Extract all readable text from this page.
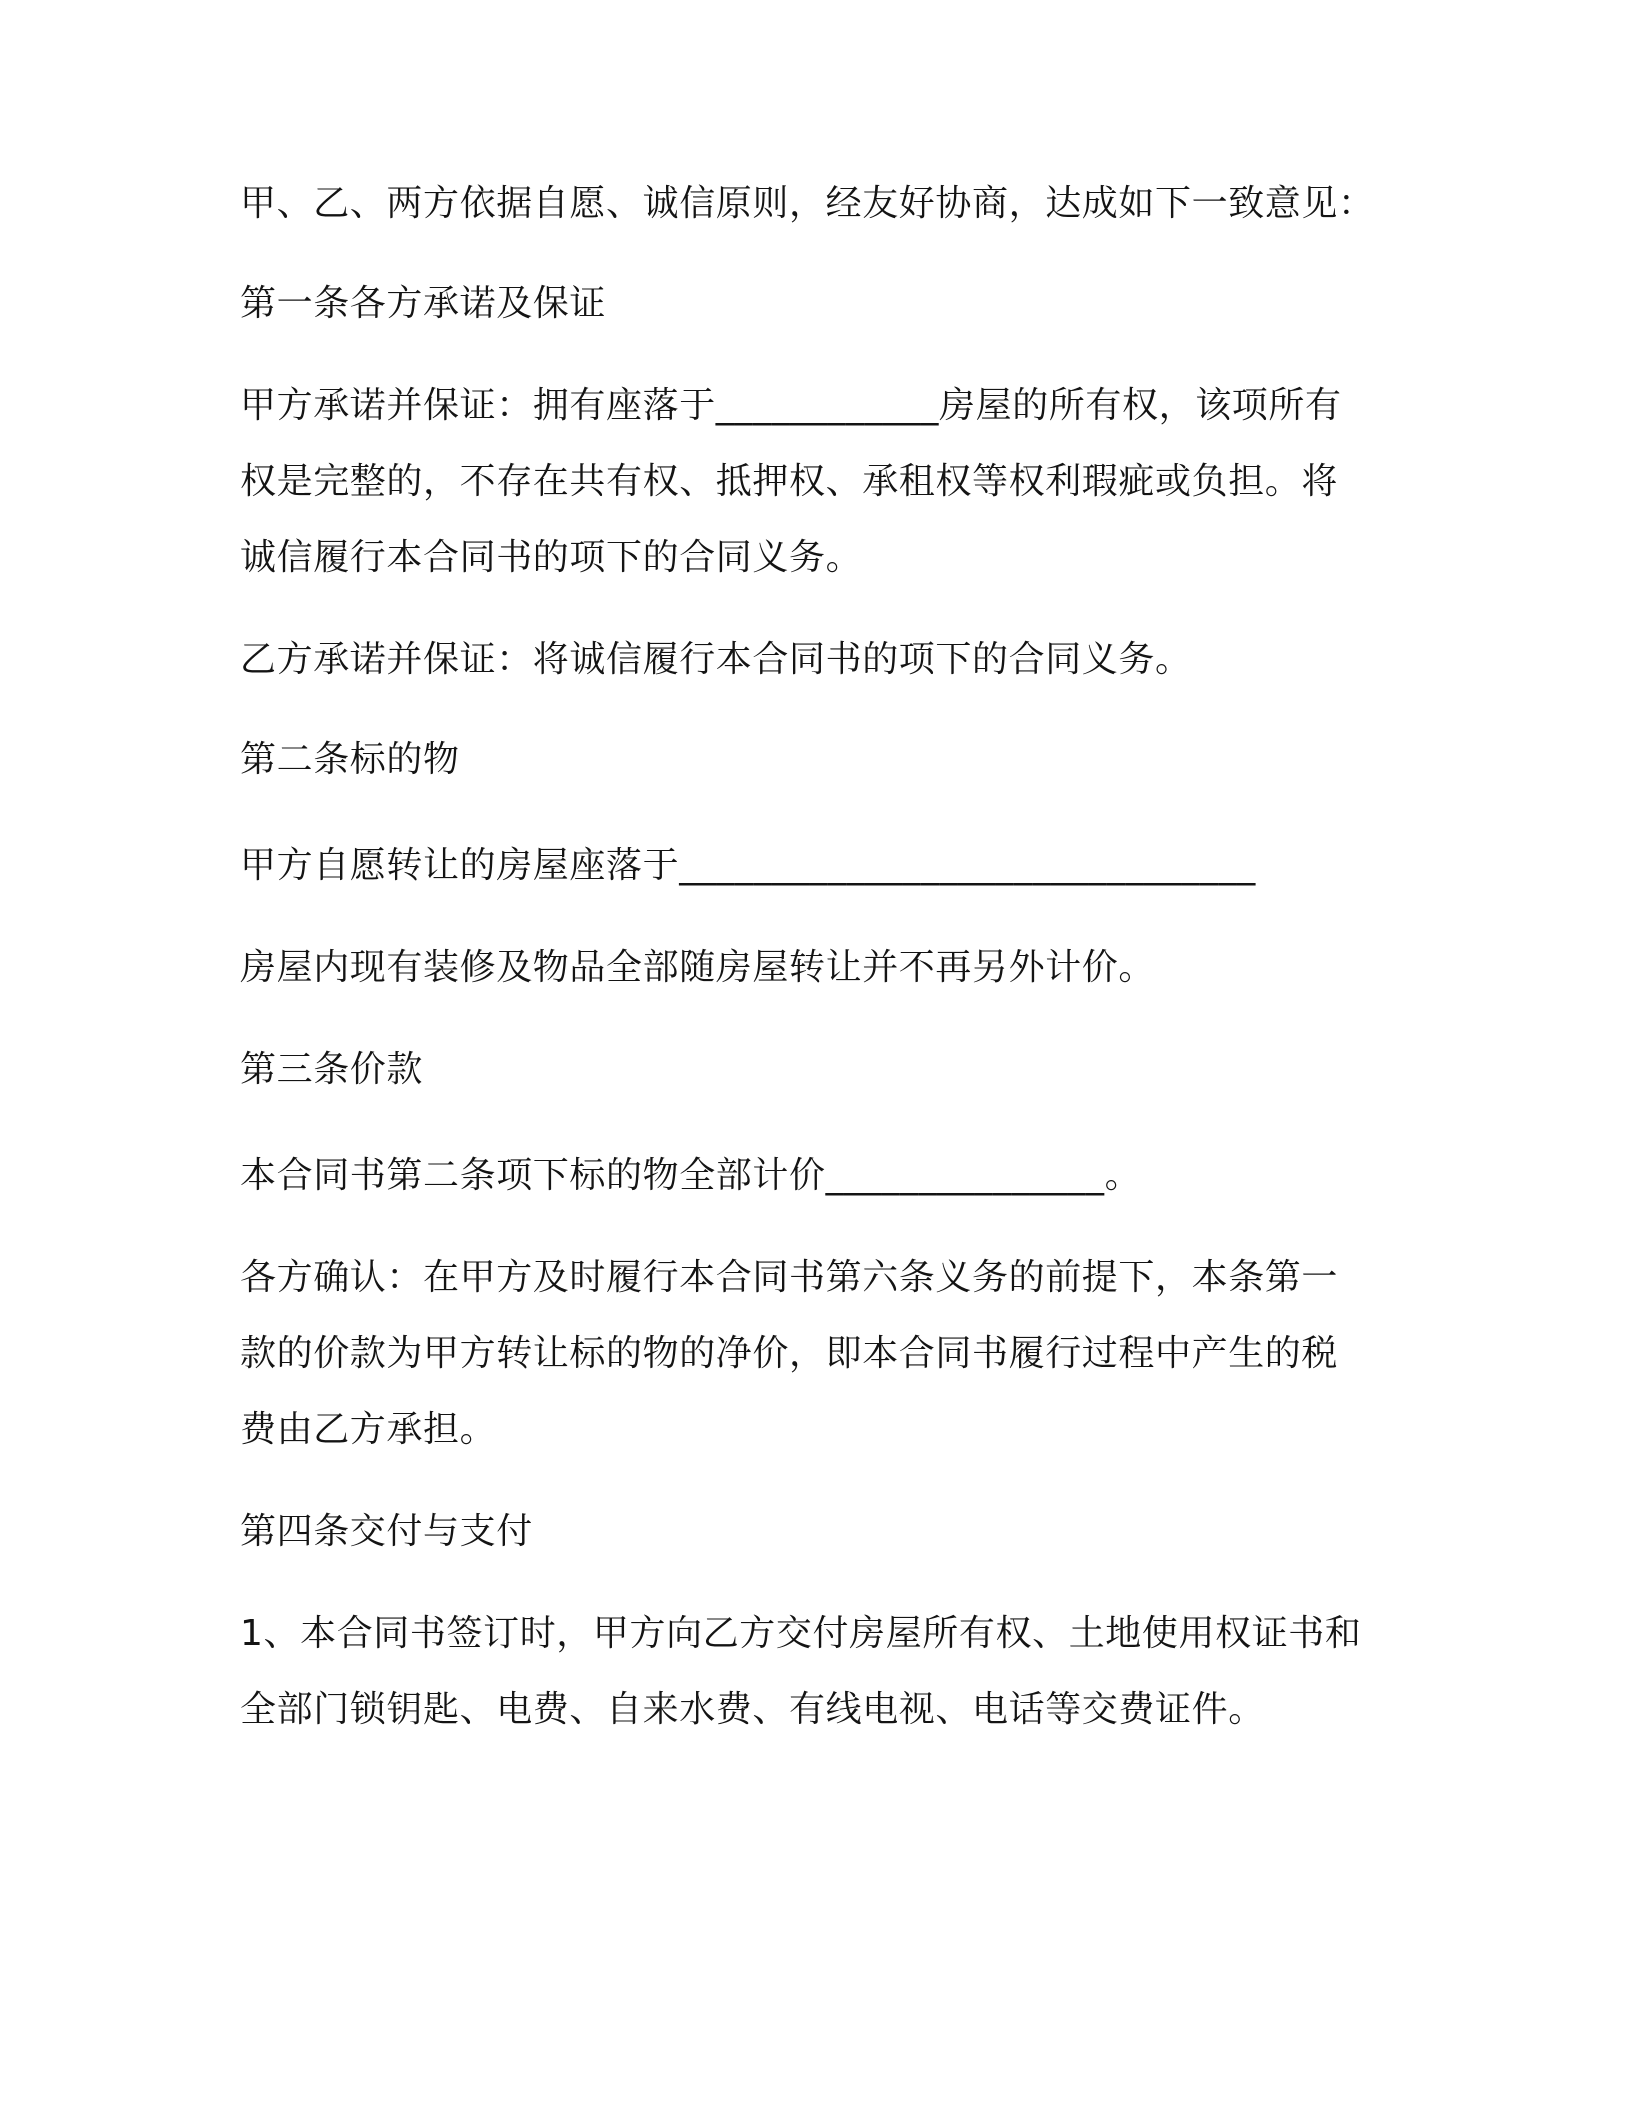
甲、乙、两方依据自愿、诚信原则，经友好协商，达成如下一致意见：
第一条各方承诺及保证
甲方承诺并保证：拥有座落于____________房屋的所有权，该项所有
权是完整的，不存在共有权、抵押权、承租权等权利瑕疵或负担。将
诚信履行本合同书的项下的合同义务。
乙方承诺并保证：将诚信履行本合同书的项下的合同义务。
第二条标的物
甲方自愿转让的房屋座落于_______________________________
房屋内现有装修及物品全部随房屋转让并不再另外计价。
第三条价款
本合同书第二条项下标的物全部计价_______________。
各方确认：在甲方及时履行本合同书第六条义务的前提下，本条第一
款的价款为甲方转让标的物的净价，即本合同书履行过程中产生的税
费由乙方承担。
第四条交付与支付
1、本合同书签订时，甲方向乙方交付房屋所有权、土地使用权证书和
全部门锁钥匙、电费、自来水费、有线电视、电话等交费证件。
